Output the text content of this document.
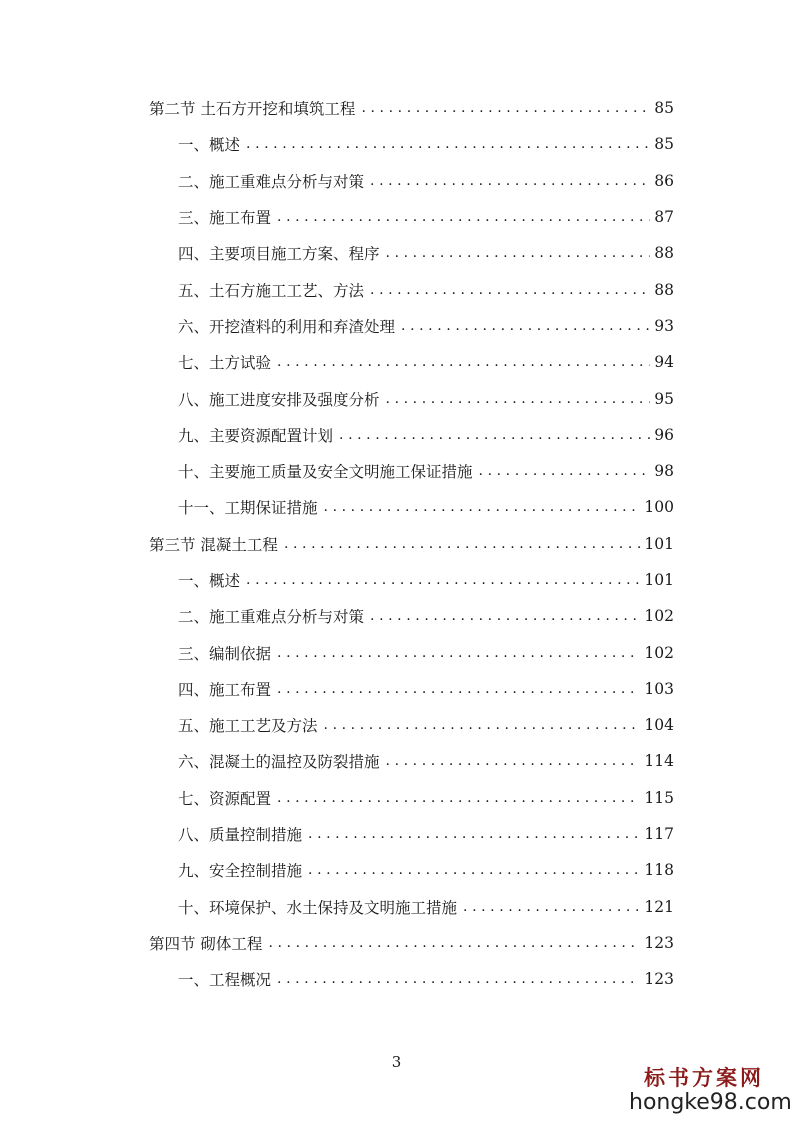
第二节 土石方开挖和填筑工程 .....	85
一、概述 .....	85
二、施工重难点分析与对策 .....	86
三、施工布置 .....	87
四、主要项目施工方案、程序 .....	88
五、土石方施工工艺、方法 .....	88
六、开挖渣料的利用和弃渣处理 .....	93
七、土方试验 .....	94
八、施工进度安排及强度分析 .....	95
九、主要资源配置计划 .....	96
十、主要施工质量及安全文明施工保证措施 .....	98
十一、工期保证措施 .....	100
第三节 混凝土工程 .....	101
一、概述 .....	101
二、施工重难点分析与对策 .....	102
三、编制依据 .....	102
四、施工布置 .....	103
五、施工工艺及方法 .....	104
六、混凝土的温控及防裂措施 .....	114
七、资源配置 .....	115
八、质量控制措施 .....	117
九、安全控制措施 .....	118
十、环境保护、水土保持及文明施工措施 .....	121
第四节 砌体工程 .....	123
一、工程概况 .....	123
3
标书方案网
hongke98.com
